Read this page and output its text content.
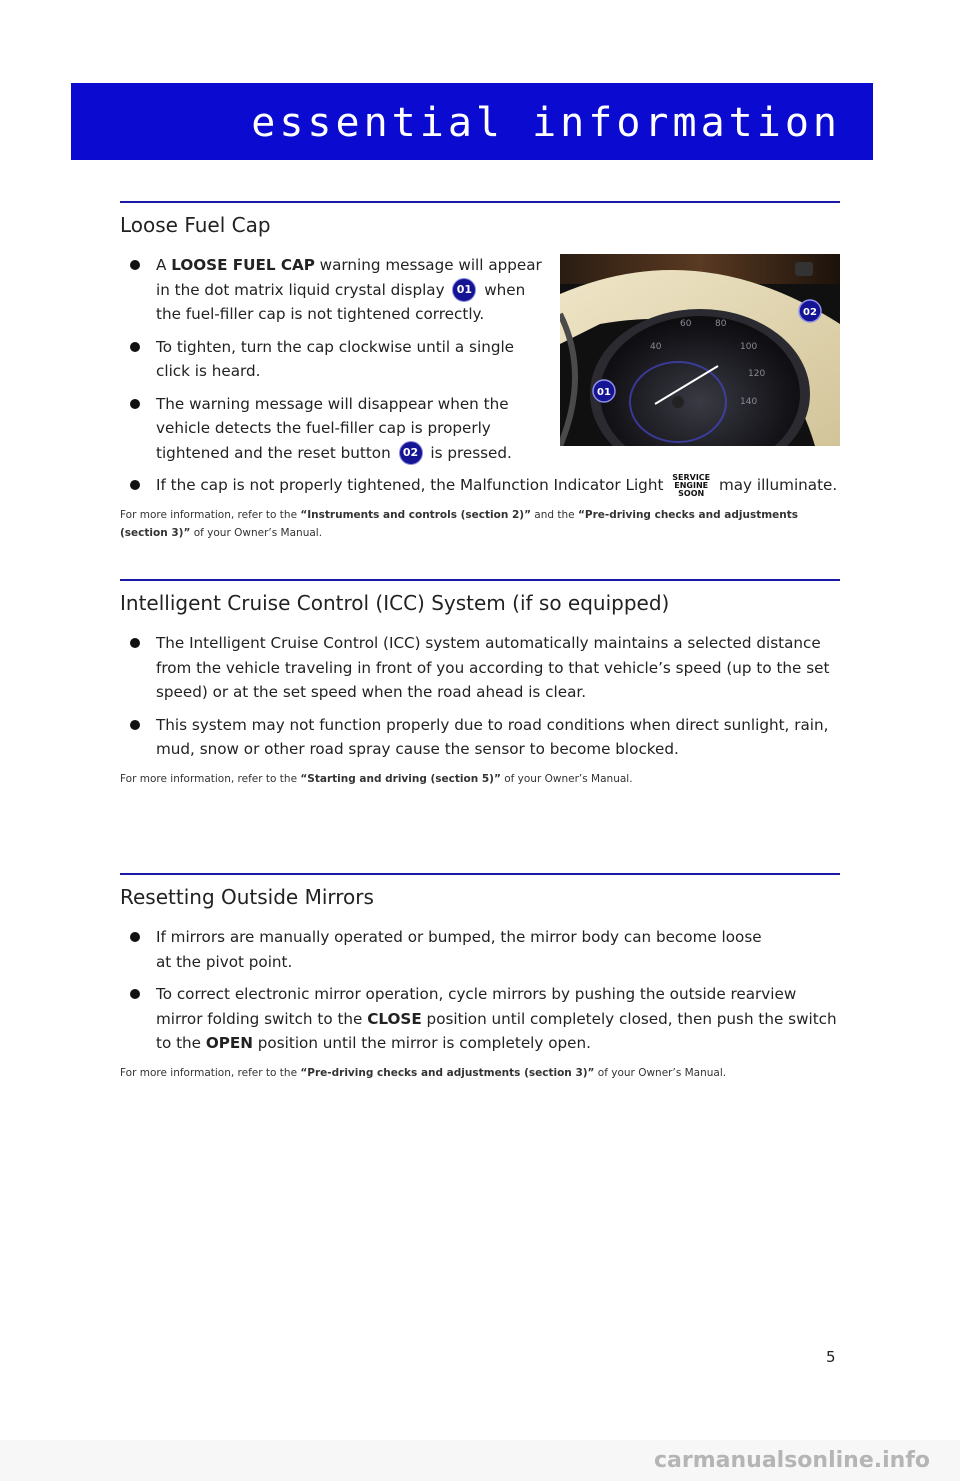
essential information
Loose Fuel Cap
A LOOSE FUEL CAP warning message will appear in the dot matrix liquid crystal display 01 when the fuel-filler cap is not tightened correctly.
To tighten, turn the cap clockwise until a single click is heard.
The warning message will disappear when the vehicle detects the fuel-filler cap is properly tightened and the reset button 02 is pressed.
If the cap is not properly tightened, the Malfunction Indicator Light SERVICE
ENGINE
SOON may illuminate.
For more information, refer to the “Instruments and controls (section 2)” and the “Pre-driving checks and adjustments (section 3)” of your Owner’s Manual.
60	80
100
120
140
40
02
01
Intelligent Cruise Control (ICC) System (if so equipped)
The Intelligent Cruise Control (ICC) system automatically maintains a selected distance from the vehicle traveling in front of you according to that vehicle’s speed (up to the set speed) or at the set speed when the road ahead is clear.
This system may not function properly due to road conditions when direct sunlight, rain, mud, snow or other road spray cause the sensor to become blocked.
For more information, refer to the “Starting and driving (section 5)” of your Owner’s Manual.
Resetting Outside Mirrors
If mirrors are manually operated or bumped, the mirror body can become loose at the pivot point.
To correct electronic mirror operation, cycle mirrors by pushing the outside rearview mirror folding switch to the CLOSE position until completely closed, then push the switch to the OPEN position until the mirror is completely open.
For more information, refer to the “Pre-driving checks and adjustments (section 3)” of your Owner’s Manual.
5
carmanualsonline.info
